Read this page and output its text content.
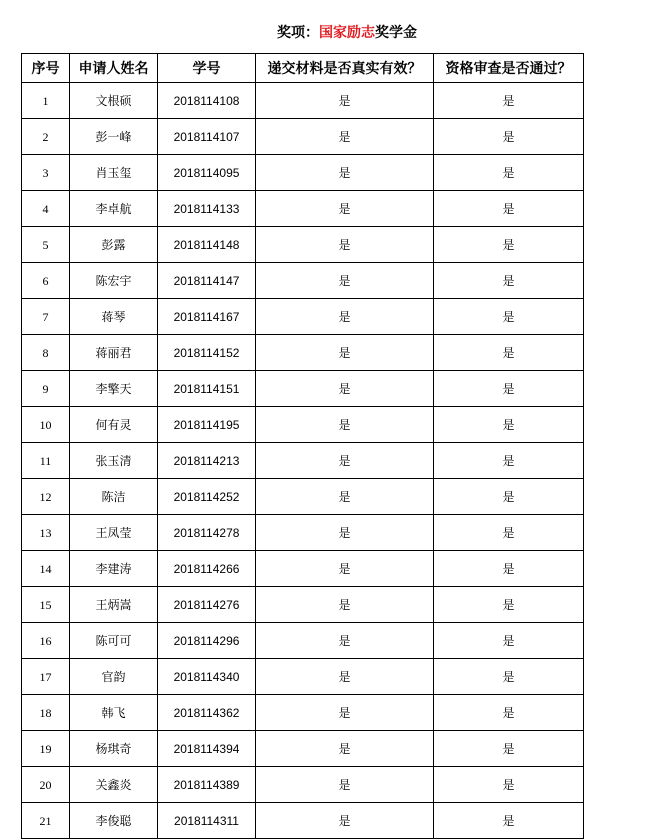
奖项：国家励志奖学金
序号	申请人姓名	学号	递交材料是否真实有效？	资格审查是否通过？
1	文根硕	2018114108	是	是
2	彭一峰	2018114107	是	是
3	肖玉玺	2018114095	是	是
4	李卓航	2018114133	是	是
5	彭露	2018114148	是	是
6	陈宏宇	2018114147	是	是
7	蒋琴	2018114167	是	是
8	蒋丽君	2018114152	是	是
9	李擎天	2018114151	是	是
10	何有灵	2018114195	是	是
11	张玉清	2018114213	是	是
12	陈洁	2018114252	是	是
13	王凤莹	2018114278	是	是
14	李建涛	2018114266	是	是
15	王炳嵩	2018114276	是	是
16	陈可可	2018114296	是	是
17	官韵	2018114340	是	是
18	韩飞	2018114362	是	是
19	杨琪奇	2018114394	是	是
20	关鑫炎	2018114389	是	是
21	李俊聪	2018114311	是	是
